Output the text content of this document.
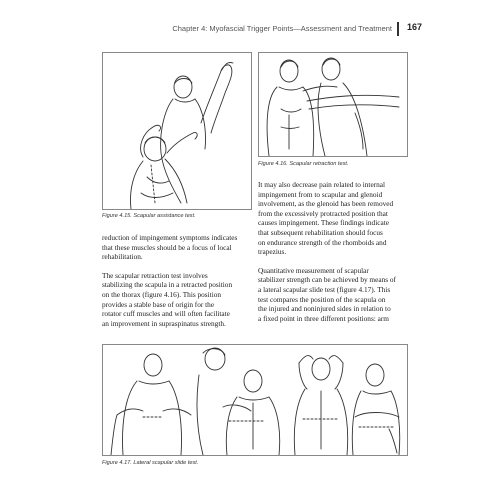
Chapter 4: Myofascial Trigger Points—Assessment and Treatment 167
Figure 4.15. Scapular assistance test.
Figure 4.16. Scapular retraction test.
Figure 4.17. Lateral scapular slide test.

reduction of impingement symptoms indicates
that these muscles should be a focus of local
rehabilitation.

The scapular retraction test involves
stabilizing the scapula in a retracted position
on the thorax (figure 4.16). This position
provides a stable base of origin for the
rotator cuff muscles and will often facilitate
an improvement in supraspinatus strength.

It may also decrease pain related to internal
impingement from to scapular and glenoid
involvement, as the glenoid has been removed
from the excessively protracted position that
causes impingement. These findings indicate
that subsequent rehabilitation should focus
on endurance strength of the rhomboids and
trapezius.

Quantitative measurement of scapular
stabilizer strength can be achieved by means of
a lateral scapular slide test (figure 4.17). This
test compares the position of the scapula on
the injured and noninjured sides in relation to
a fixed point in three different positions: arm
